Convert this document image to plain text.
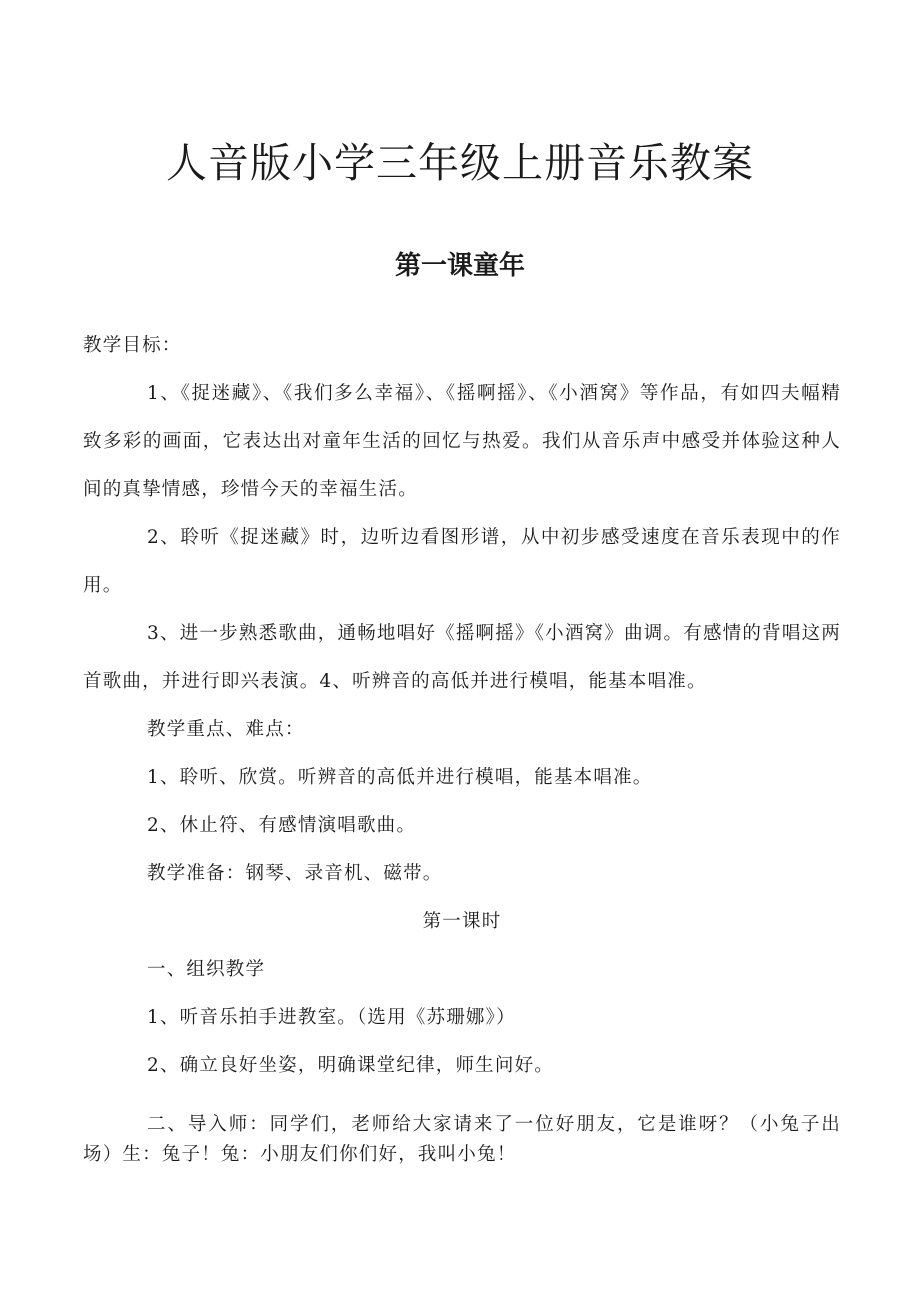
人音版小学三年级上册音乐教案
第一课童年

教学目标：

1、《捉迷藏》、《我们多么幸福》、《摇啊摇》、《小酒窝》等作品，有如四夫幅精致多彩的画面，它表达出对童年生活的回忆与热爱。我们从音乐声中感受并体验这种人间的真挚情感，珍惜今天的幸福生活。

2、聆听《捉迷藏》时，边听边看图形谱，从中初步感受速度在音乐表现中的作用。

3、进一步熟悉歌曲，通畅地唱好《摇啊摇》《小酒窝》曲调。有感情的背唱这两首歌曲，并进行即兴表演。4、听辨音的高低并进行模唱，能基本唱准。

教学重点、难点：

1、聆听、欣赏。听辨音的高低并进行模唱，能基本唱准。

2、休止符、有感情演唱歌曲。

教学准备：钢琴、录音机、磁带。

第一课时

一、组织教学

1、听音乐拍手进教室。（选用《苏珊娜》）

2、确立良好坐姿，明确课堂纪律，师生问好。

二、导入师：同学们，老师给大家请来了一位好朋友，它是谁呀？（小兔子出场）生：兔子！兔：小朋友们你们好，我叫小兔！
